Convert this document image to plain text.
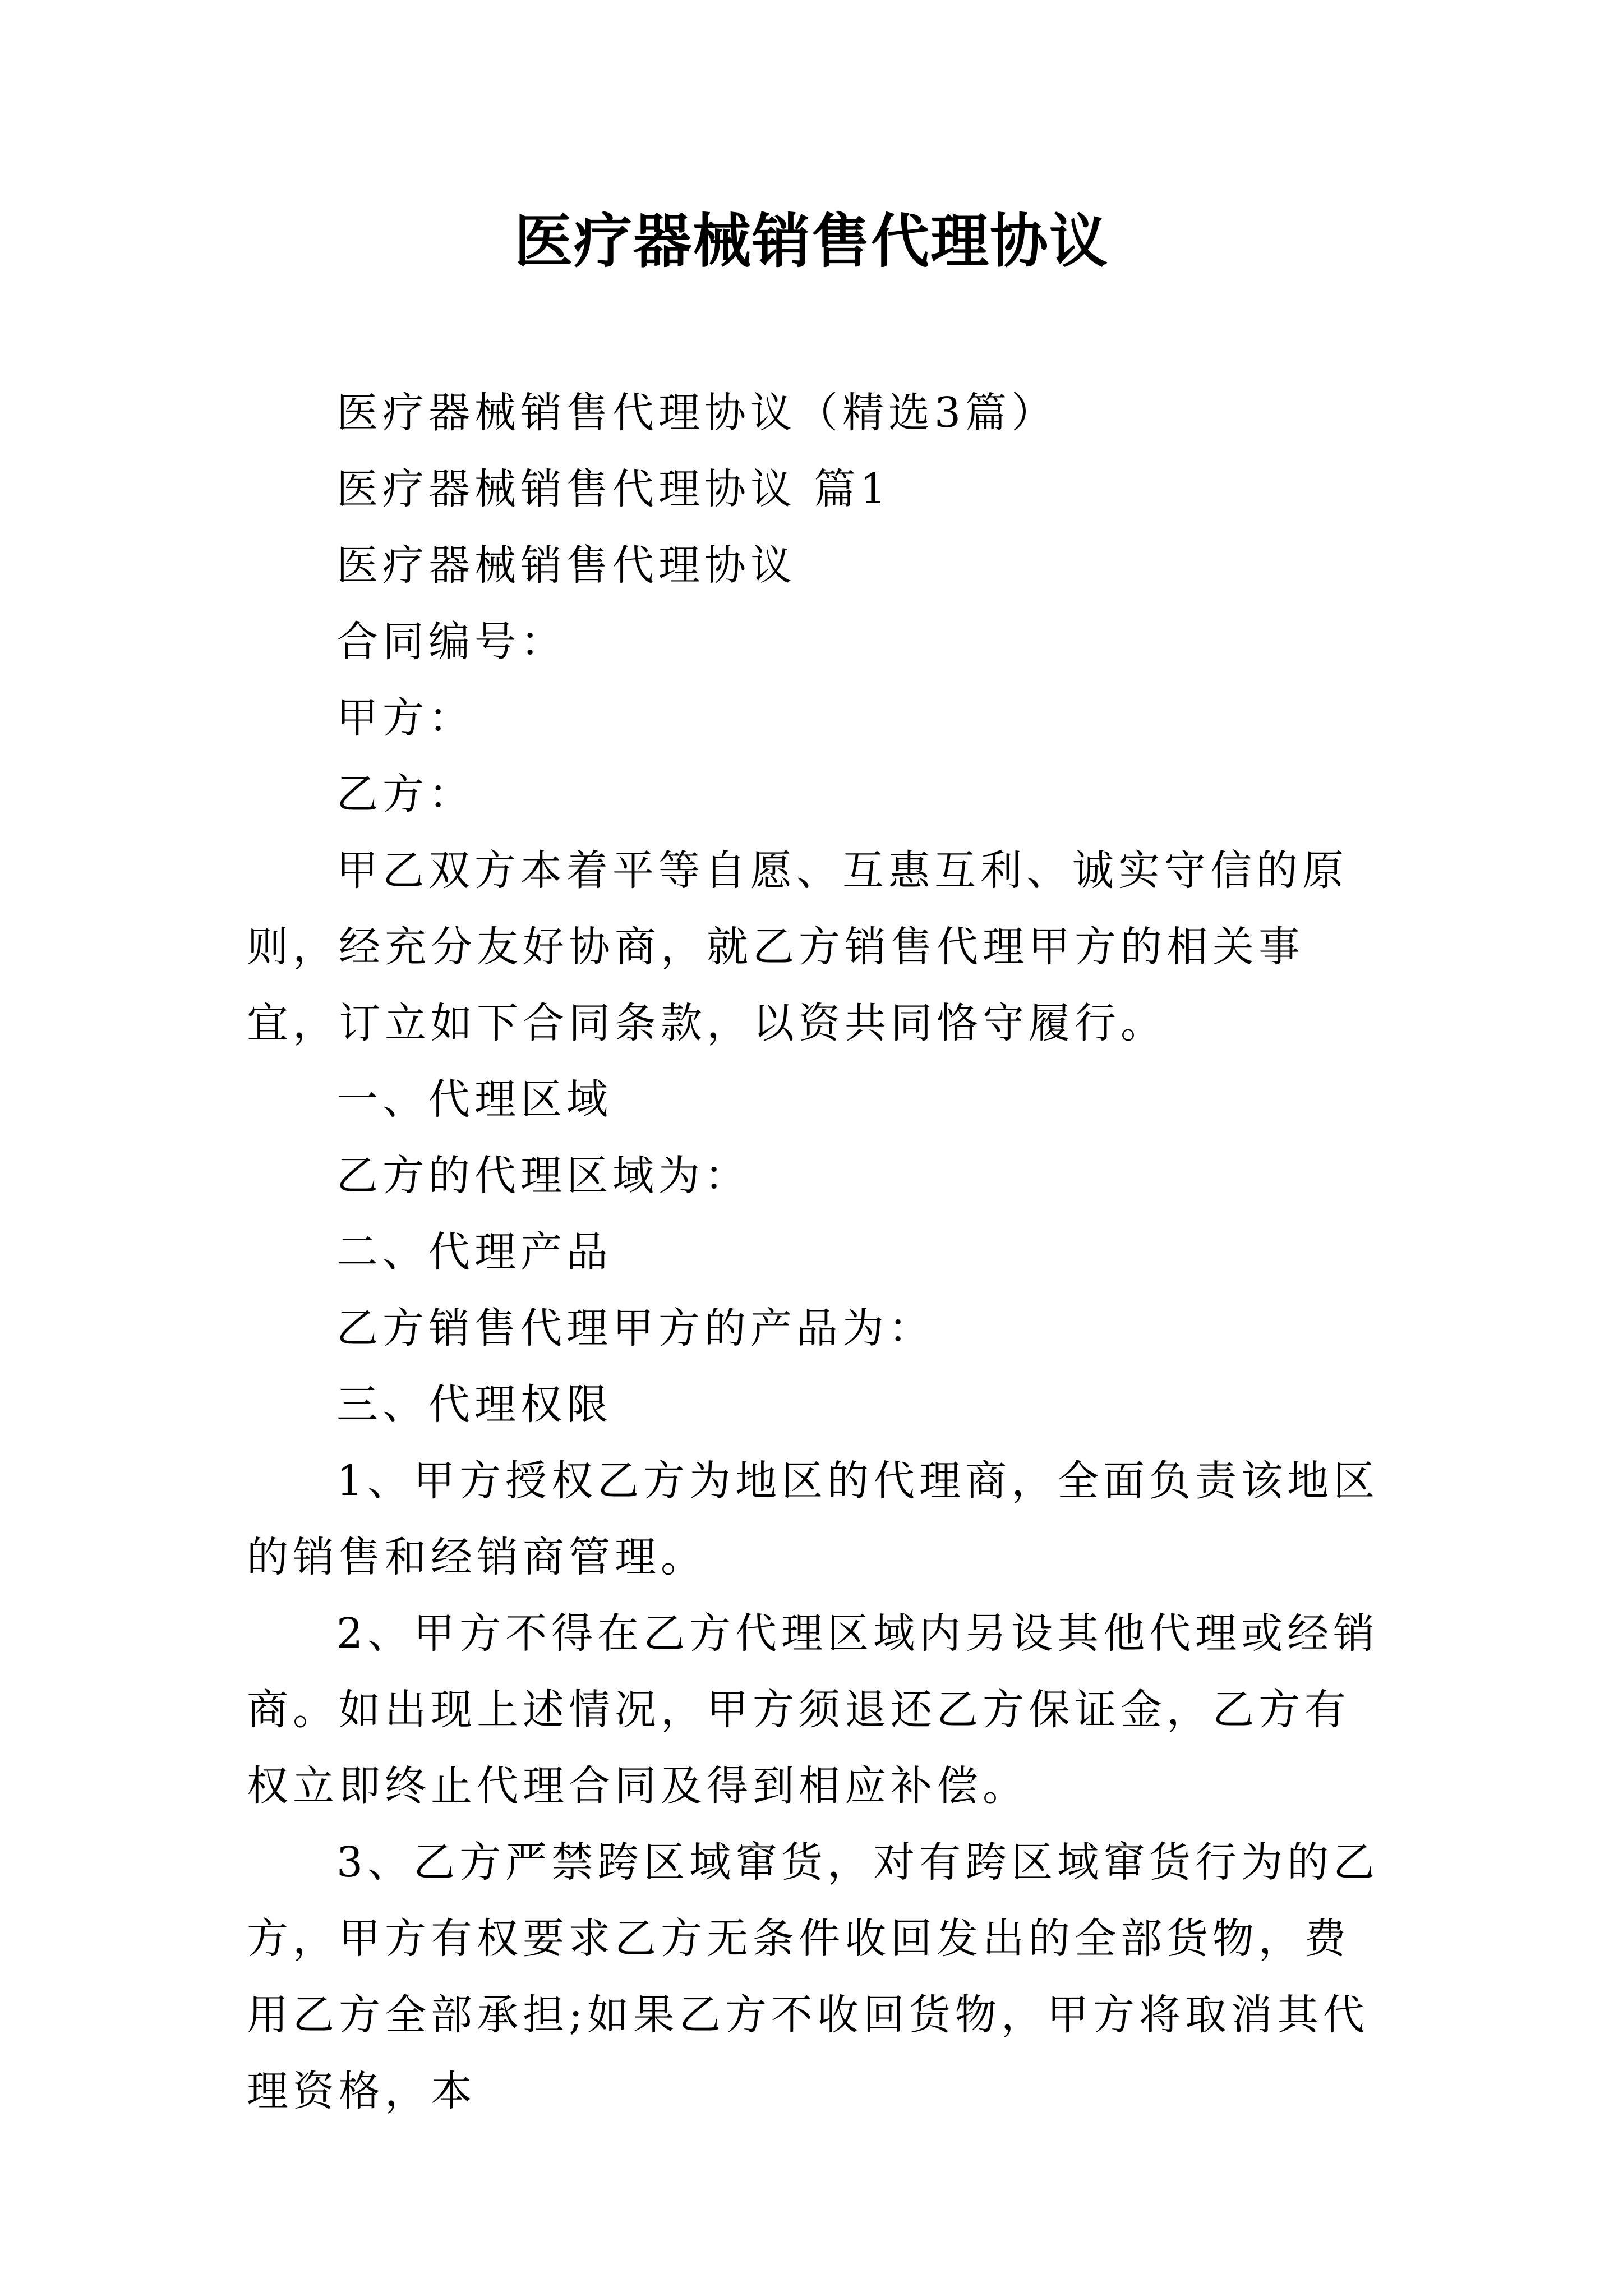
医疗器械销售代理协议

医疗器械销售代理协议（精选3篇）

医疗器械销售代理协议 篇1

医疗器械销售代理协议

合同编号：

甲方：

乙方：

甲乙双方本着平等自愿、互惠互利、诚实守信的原则，经充分友好协商，就乙方销售代理甲方的相关事宜，订立如下合同条款，以资共同恪守履行。

一、代理区域

乙方的代理区域为：

二、代理产品

乙方销售代理甲方的产品为：

三、代理权限

1、甲方授权乙方为地区的代理商，全面负责该地区的销售和经销商管理。

2、甲方不得在乙方代理区域内另设其他代理或经销商。如出现上述情况，甲方须退还乙方保证金，乙方有权立即终止代理合同及得到相应补偿。

3、乙方严禁跨区域窜货，对有跨区域窜货行为的乙方，甲方有权要求乙方无条件收回发出的全部货物，费用乙方全部承担;如果乙方不收回货物，甲方将取消其代理资格，本
